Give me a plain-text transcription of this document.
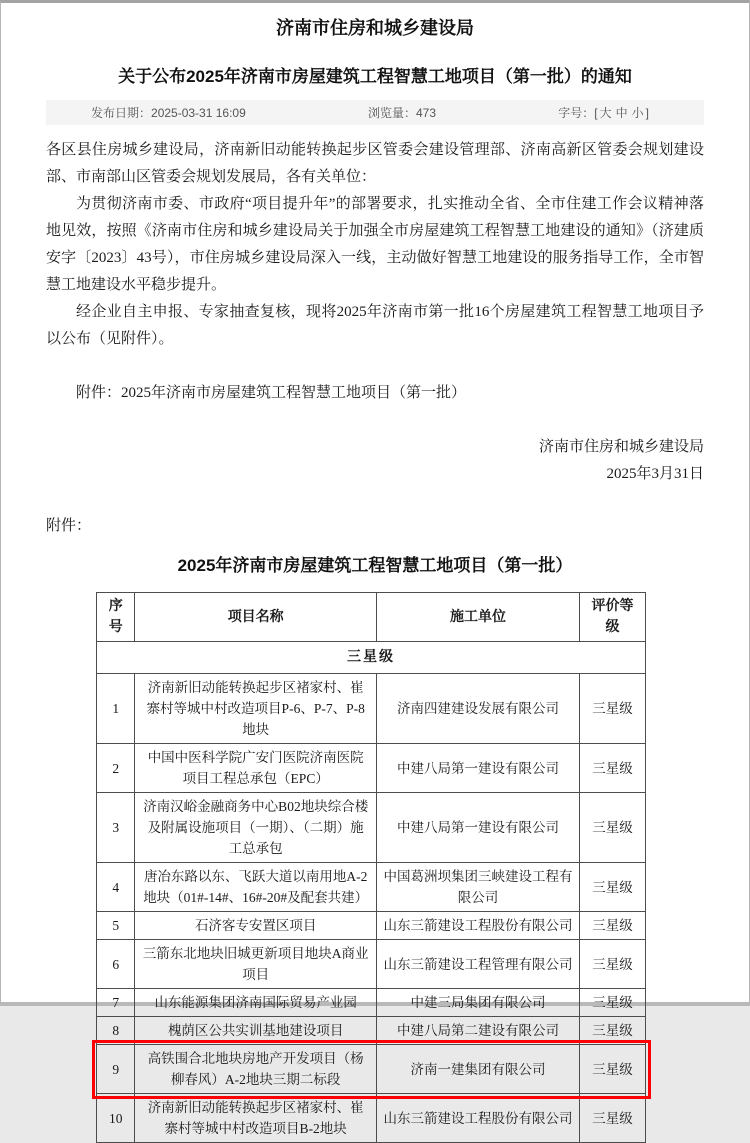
济南市住房和城乡建设局
关于公布2025年济南市房屋建筑工程智慧工地项目（第一批）的通知
发布日期：2025-03-31 16:09	浏览量：473	字号：[ 大 中 小 ]

各区县住房城乡建设局，济南新旧动能转换起步区管委会建设管理部、济南高新区管委会规划建设部、市南部山区管委会规划发展局，各有关单位：

为贯彻济南市委、市政府“项目提升年”的部署要求，扎实推动全省、全市住建工作会议精神落地见效，按照《济南市住房和城乡建设局关于加强全市房屋建筑工程智慧工地建设的通知》（济建质安字〔2023〕43号），市住房城乡建设局深入一线，主动做好智慧工地建设的服务指导工作，全市智慧工地建设水平稳步提升。

经企业自主申报、专家抽查复核，现将2025年济南市第一批16个房屋建筑工程智慧工地项目予以公布（见附件）。

附件：2025年济南市房屋建筑工程智慧工地项目（第一批）

济南市住房和城乡建设局
2025年3月31日
附件：
2025年济南市房屋建筑工程智慧工地项目（第一批）
序号	项目名称	施工单位	评价等级
三星级			
1	济南新旧动能转换起步区褚家村、崔寨村等城中村改造项目P-6、P-7、P-8地块	济南四建建设发展有限公司	三星级
2	中国中医科学院广安门医院济南医院项目工程总承包（EPC）	中建八局第一建设有限公司	三星级
3	济南汉峪金融商务中心B02地块综合楼及附属设施项目（一期）、（二期）施工总承包	中建八局第一建设有限公司	三星级
4	唐冶东路以东、飞跃大道以南用地A-2地块（01#-14#、16#-20#及配套共建）	中国葛洲坝集团三峡建设工程有限公司	三星级
5	石济客专安置区项目	山东三箭建设工程股份有限公司	三星级
6	三箭东北地块旧城更新项目地块A商业项目	山东三箭建设工程管理有限公司	三星级
7	山东能源集团济南国际贸易产业园	中建三局集团有限公司	三星级
8	槐荫区公共实训基地建设项目	中建八局第二建设有限公司	三星级
9	高铁围合北地块房地产开发项目（杨柳春风）A-2地块三期二标段	济南一建集团有限公司	三星级
10	济南新旧动能转换起步区褚家村、崔寨村等城中村改造项目B-2地块	山东三箭建设工程股份有限公司	三星级
